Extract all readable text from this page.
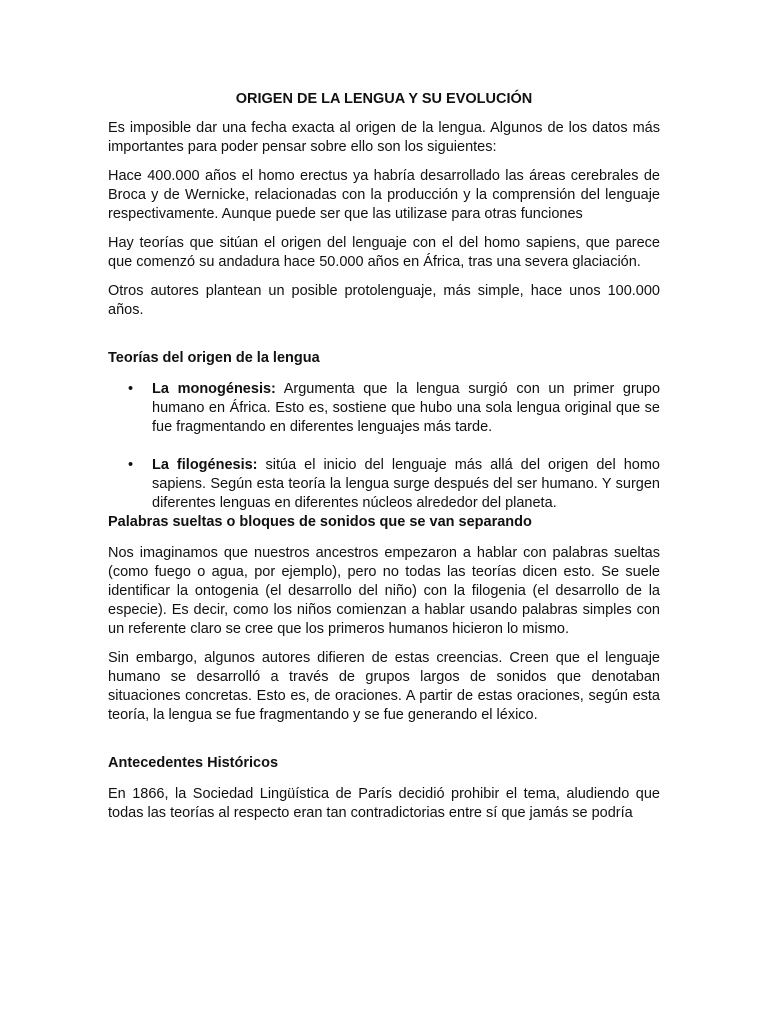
ORIGEN DE LA LENGUA Y SU EVOLUCIÓN

Es imposible dar una fecha exacta al origen de la lengua. Algunos de los datos más importantes para poder pensar sobre ello son los siguientes:

Hace 400.000 años el homo erectus ya habría desarrollado las áreas cerebrales de Broca y de Wernicke, relacionadas con la producción y la comprensión del lenguaje respectivamente. Aunque puede ser que las utilizase para otras funciones

Hay teorías que sitúan el origen del lenguaje con el del homo sapiens, que parece que comenzó su andadura hace 50.000 años en África, tras una severa glaciación.

Otros autores plantean un posible protolenguaje, más simple, hace unos 100.000 años.

Teorías del origen de la lengua
• La monogénesis: Argumenta que la lengua surgió con un primer grupo humano en África. Esto es, sostiene que hubo una sola lengua original que se fue fragmentando en diferentes lenguajes más tarde.
• La filogénesis: sitúa el inicio del lenguaje más allá del origen del homo sapiens. Según esta teoría la lengua surge después del ser humano. Y surgen diferentes lenguas en diferentes núcleos alrededor del planeta.
Palabras sueltas o bloques de sonidos que se van separando

Nos imaginamos que nuestros ancestros empezaron a hablar con palabras sueltas (como fuego o agua, por ejemplo), pero no todas las teorías dicen esto. Se suele identificar la ontogenia (el desarrollo del niño) con la filogenia (el desarrollo de la especie). Es decir, como los niños comienzan a hablar usando palabras simples con un referente claro se cree que los primeros humanos hicieron lo mismo.

Sin embargo, algunos autores difieren de estas creencias. Creen que el lenguaje humano se desarrolló a través de grupos largos de sonidos que denotaban situaciones concretas. Esto es, de oraciones. A partir de estas oraciones, según esta teoría, la lengua se fue fragmentando y se fue generando el léxico.

Antecedentes Históricos

En 1866, la Sociedad Lingüística de París decidió prohibir el tema, aludiendo que todas las teorías al respecto eran tan contradictorias entre sí que jamás se podría
